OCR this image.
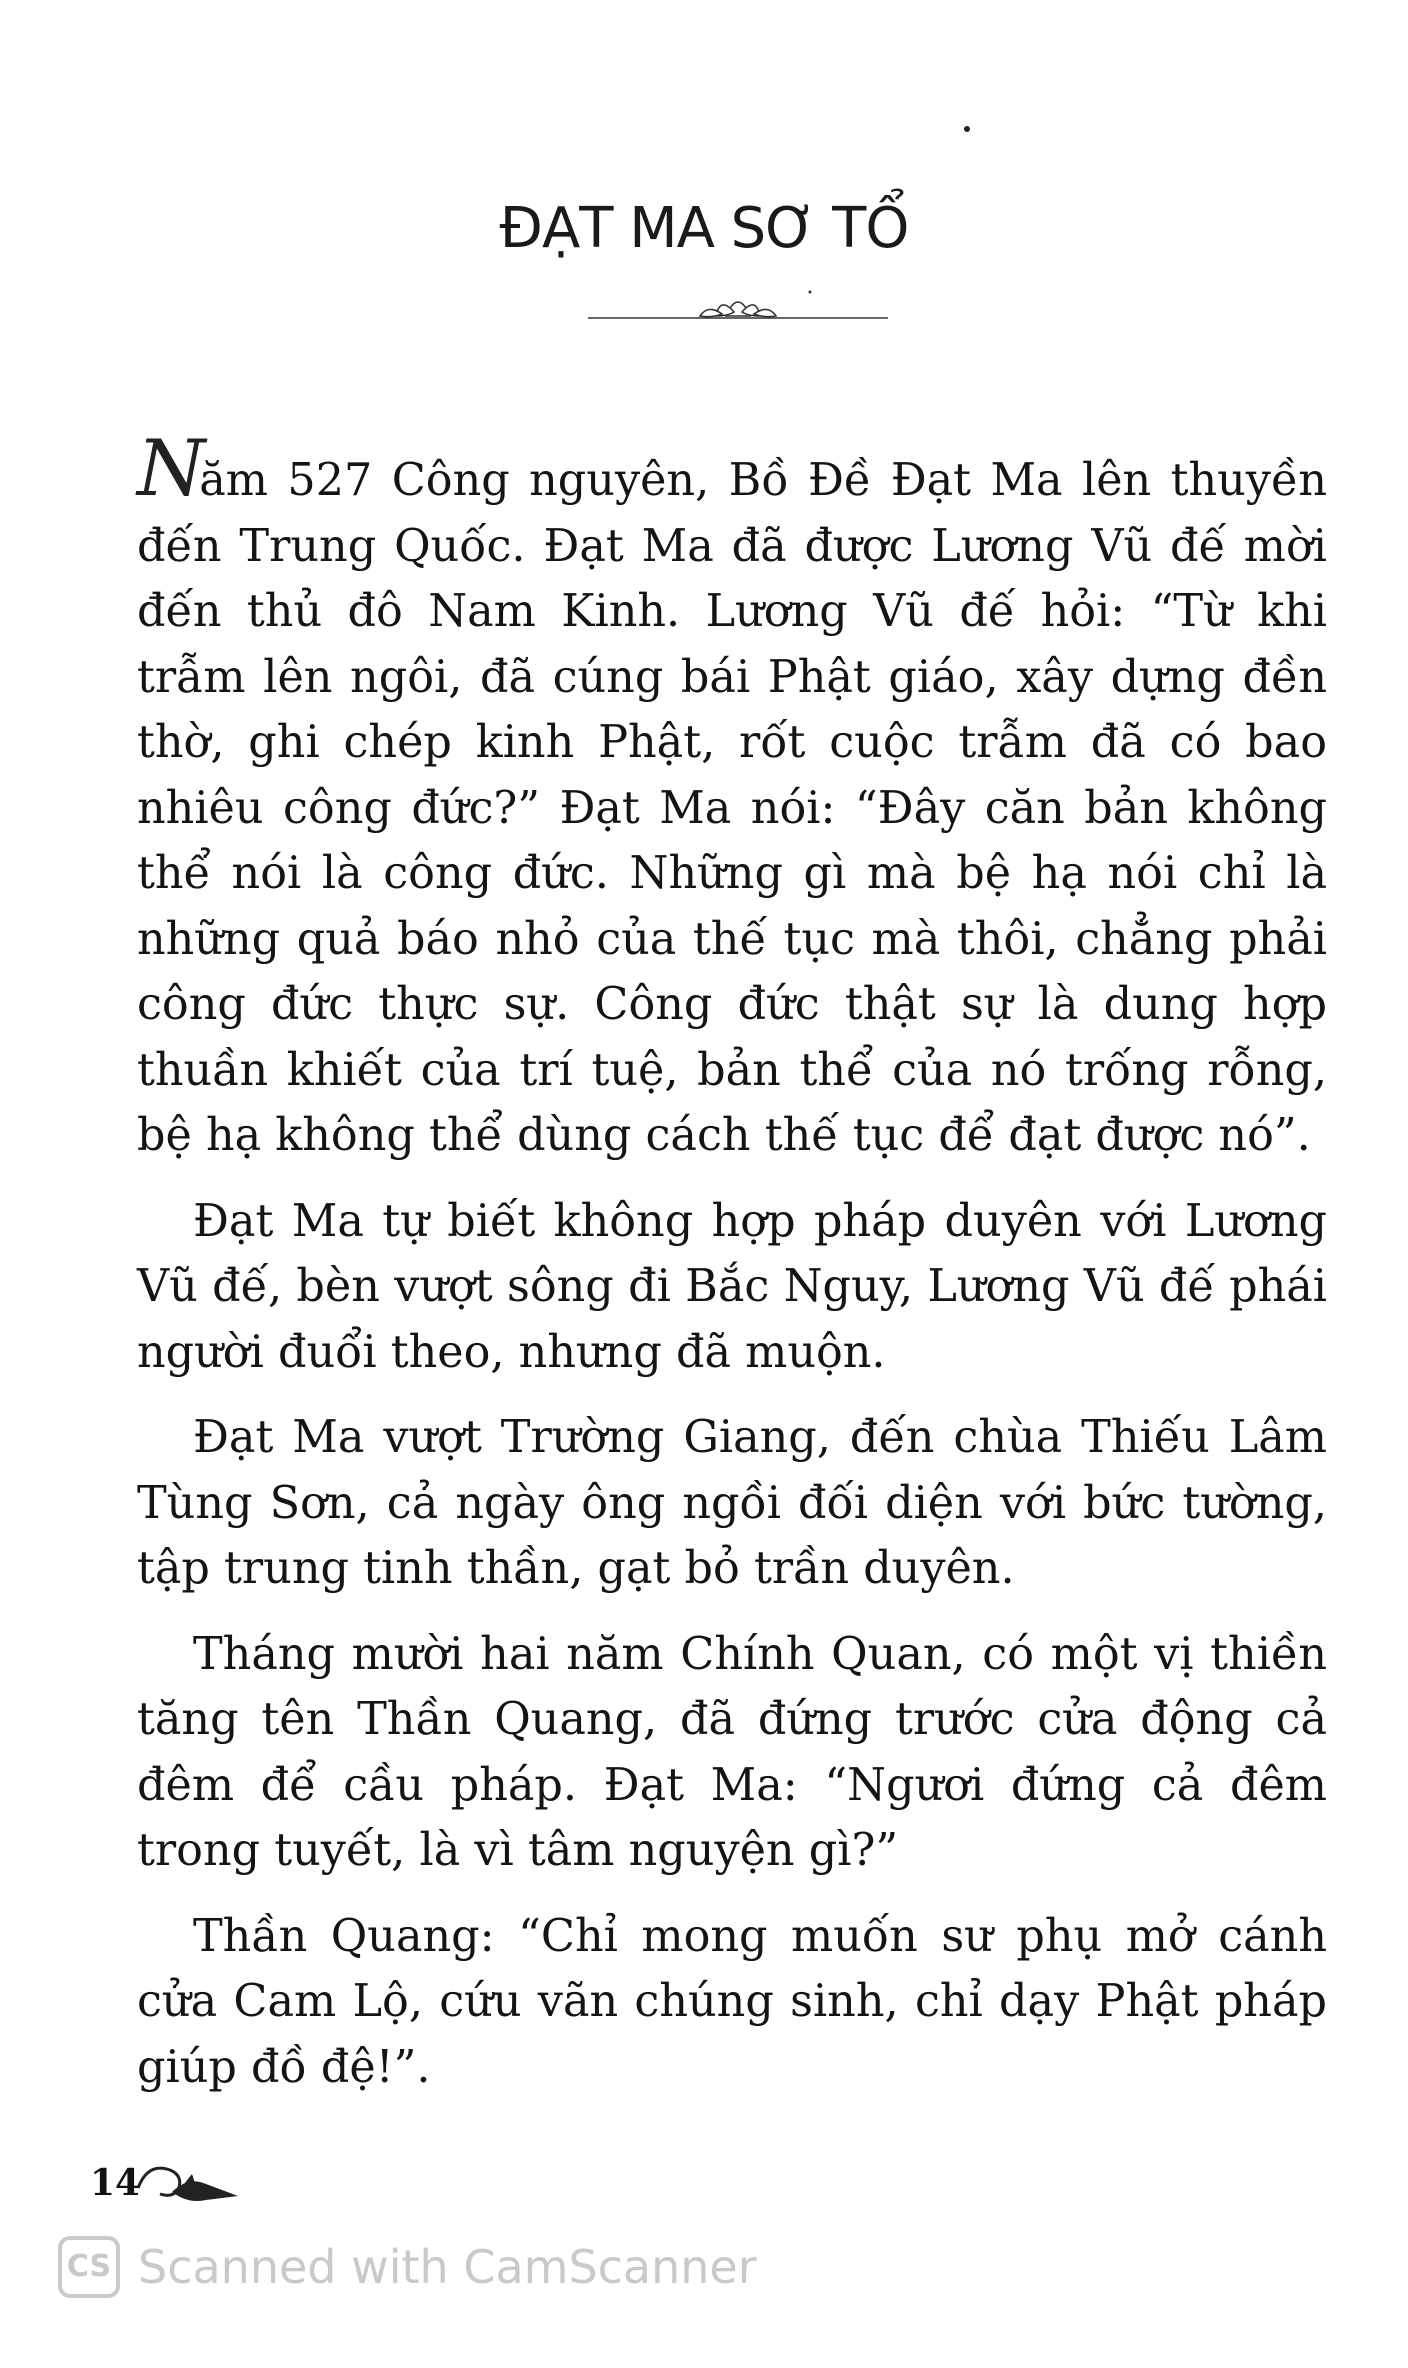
ĐẠT MA SƠ TỔ

Năm 527 Công nguyên, Bồ Đề Đạt Ma lên thuyền đến Trung Quốc. Đạt Ma đã được Lương Vũ đế mời đến thủ đô Nam Kinh. Lương Vũ đế hỏi: “Từ khi trẫm lên ngôi, đã cúng bái Phật giáo, xây dựng đền thờ, ghi chép kinh Phật, rốt cuộc trẫm đã có bao nhiêu công đức?” Đạt Ma nói: “Đây căn bản không thể nói là công đức. Những gì mà bệ hạ nói chỉ là những quả báo nhỏ của thế tục mà thôi, chẳng phải công đức thực sự. Công đức thật sự là dung hợp thuần khiết của trí tuệ, bản thể của nó trống rỗng, bệ hạ không thể dùng cách thế tục để đạt được nó”.

Đạt Ma tự biết không hợp pháp duyên với Lương Vũ đế, bèn vượt sông đi Bắc Nguy, Lương Vũ đế phái người đuổi theo, nhưng đã muộn.

Đạt Ma vượt Trường Giang, đến chùa Thiếu Lâm Tùng Sơn, cả ngày ông ngồi đối diện với bức tường, tập trung tinh thần, gạt bỏ trần duyên.

Tháng mười hai năm Chính Quan, có một vị thiền tăng tên Thần Quang, đã đứng trước cửa động cả đêm để cầu pháp. Đạt Ma: “Ngươi đứng cả đêm trong tuyết, là vì tâm nguyện gì?”

Thần Quang: “Chỉ mong muốn sư phụ mở cánh cửa Cam Lộ, cứu vãn chúng sinh, chỉ dạy Phật pháp giúp đồ đệ!”.

14
CS Scanned with CamScanner
